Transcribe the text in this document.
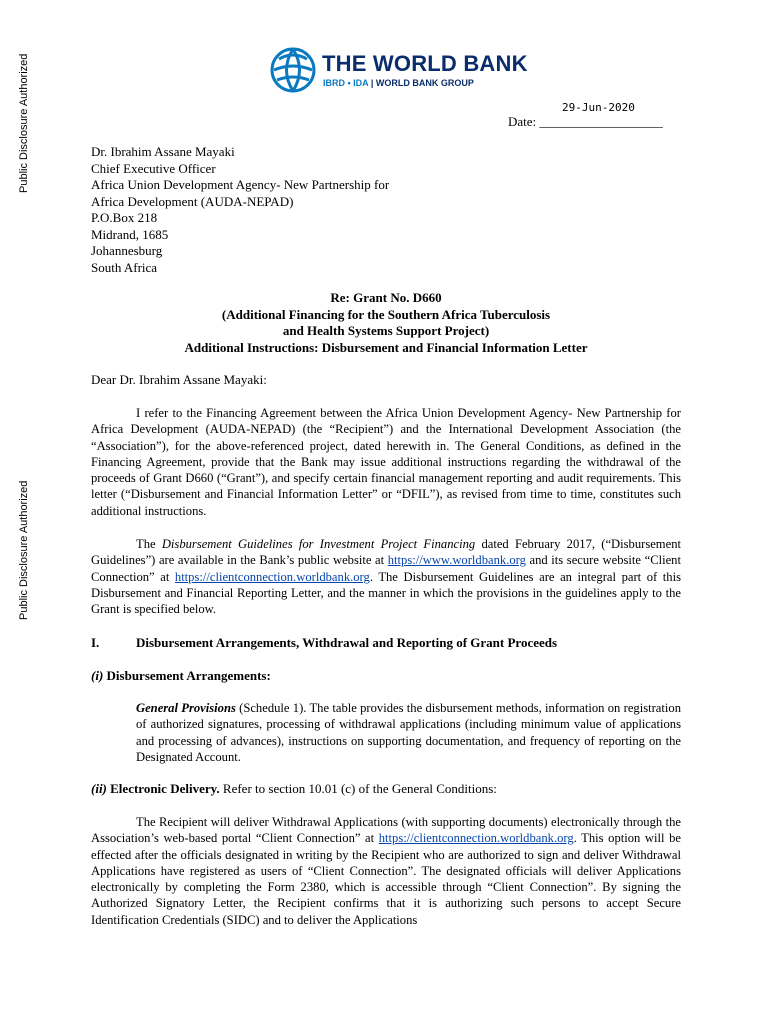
Public Disclosure Authorized
Public Disclosure Authorized
THE WORLD BANK
IBRD • IDA | WORLD BANK GROUP
29-Jun-2020
Date: ___________________
Dr. Ibrahim Assane Mayaki
Chief Executive Officer
Africa Union Development Agency- New Partnership for
Africa Development (AUDA-NEPAD)
P.O.Box 218
Midrand, 1685
Johannesburg
South Africa
Re: Grant No. D660
(Additional Financing for the Southern Africa Tuberculosis
and Health Systems Support Project)
Additional Instructions: Disbursement and Financial Information Letter
Dear Dr. Ibrahim Assane Mayaki:
I refer to the Financing Agreement between the Africa Union Development Agency- New Partnership for Africa Development (AUDA-NEPAD) (the “Recipient”) and the International Development Association (the “Association”), for the above-referenced project, dated herewith in. The General Conditions, as defined in the Financing Agreement, provide that the Bank may issue additional instructions regarding the withdrawal of the proceeds of Grant D660 (“Grant”), and specify certain financial management reporting and audit requirements. This letter (“Disbursement and Financial Information Letter” or “DFIL”), as revised from time to time, constitutes such additional instructions.
The Disbursement Guidelines for Investment Project Financing dated February 2017, (“Disbursement Guidelines”) are available in the Bank’s public website at https://www.worldbank.org and its secure website “Client Connection” at https://clientconnection.worldbank.org. The Disbursement Guidelines are an integral part of this Disbursement and Financial Reporting Letter, and the manner in which the provisions in the guidelines apply to the Grant is specified below.
I.	Disbursement Arrangements, Withdrawal and Reporting of Grant Proceeds
(i) Disbursement Arrangements:
General Provisions (Schedule 1). The table provides the disbursement methods, information on registration of authorized signatures, processing of withdrawal applications (including minimum value of applications and processing of advances), instructions on supporting documentation, and frequency of reporting on the Designated Account.
(ii) Electronic Delivery. Refer to section 10.01 (c) of the General Conditions:
The Recipient will deliver Withdrawal Applications (with supporting documents) electronically through the Association’s web-based portal “Client Connection” at https://clientconnection.worldbank.org. This option will be effected after the officials designated in writing by the Recipient who are authorized to sign and deliver Withdrawal Applications have registered as users of “Client Connection”. The designated officials will deliver Applications electronically by completing the Form 2380, which is accessible through “Client Connection”. By signing the Authorized Signatory Letter, the Recipient confirms that it is authorizing such persons to accept Secure Identification Credentials (SIDC) and to deliver the Applications
